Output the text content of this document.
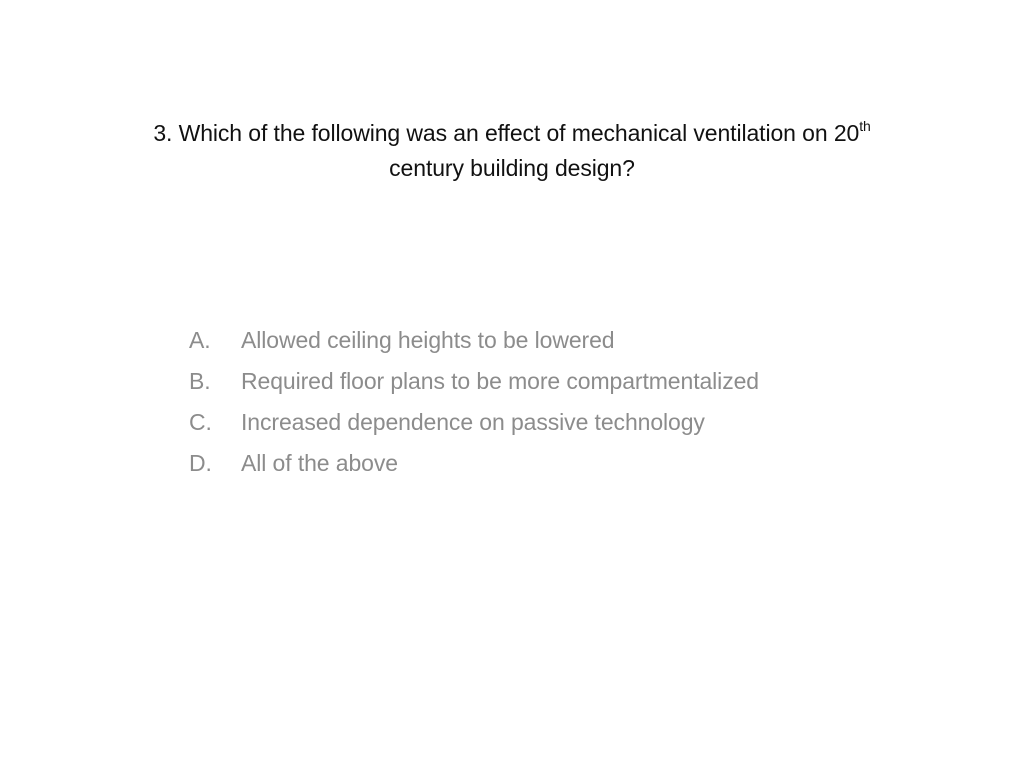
3. Which of the following was an effect of mechanical ventilation on 20th
century building design?
A.	Allowed ceiling heights to be lowered
B.	Required floor plans to be more compartmentalized
C.	Increased dependence on passive technology
D.	All of the above
